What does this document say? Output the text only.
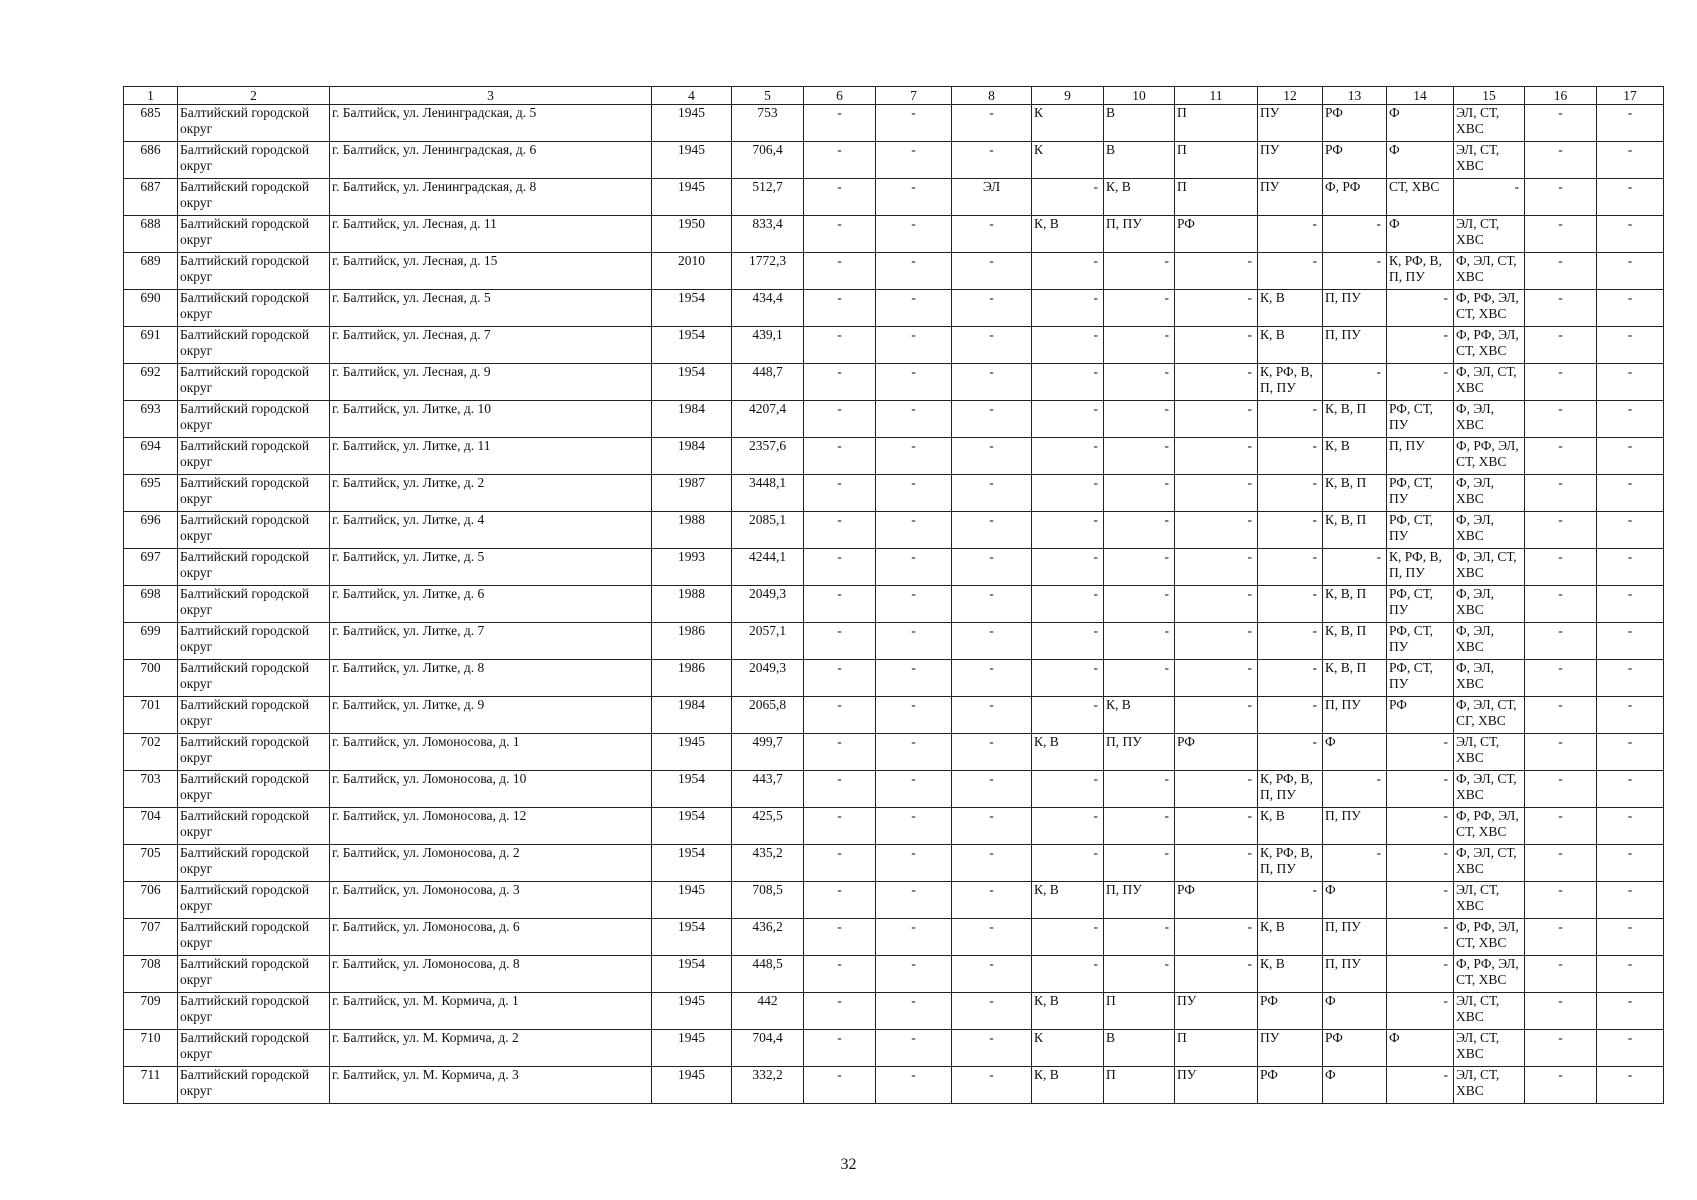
1	2	3	4	5	6	7	8	9	10	11	12	13	14	15	16	17
685	Балтийский городской округ	г. Балтийск, ул. Ленинградская, д. 5	1945	753	-	-	-	К	В	П	ПУ	РФ	Ф	ЭЛ, СТ, ХВС	-	-
686	Балтийский городской округ	г. Балтийск, ул. Ленинградская, д. 6	1945	706,4	-	-	-	К	В	П	ПУ	РФ	Ф	ЭЛ, СТ, ХВС	-	-
687	Балтийский городской округ	г. Балтийск, ул. Ленинградская, д. 8	1945	512,7	-	-	ЭЛ	-	К, В	П	ПУ	Ф, РФ	СТ, ХВС	-	-	-
688	Балтийский городской округ	г. Балтийск, ул. Лесная, д. 11	1950	833,4	-	-	-	К, В	П, ПУ	РФ	-	-	Ф	ЭЛ, СТ, ХВС	-	-
689	Балтийский городской округ	г. Балтийск, ул. Лесная, д. 15	2010	1772,3	-	-	-	-	-	-	-	-	К, РФ, В, П, ПУ	Ф, ЭЛ, СТ, ХВС	-	-
690	Балтийский городской округ	г. Балтийск, ул. Лесная, д. 5	1954	434,4	-	-	-	-	-	-	К, В	П, ПУ	-	Ф, РФ, ЭЛ, СТ, ХВС	-	-
691	Балтийский городской округ	г. Балтийск, ул. Лесная, д. 7	1954	439,1	-	-	-	-	-	-	К, В	П, ПУ	-	Ф, РФ, ЭЛ, СТ, ХВС	-	-
692	Балтийский городской округ	г. Балтийск, ул. Лесная, д. 9	1954	448,7	-	-	-	-	-	-	К, РФ, В, П, ПУ	-	-	Ф, ЭЛ, СТ, ХВС	-	-
693	Балтийский городской округ	г. Балтийск, ул. Литке, д. 10	1984	4207,4	-	-	-	-	-	-	-	К, В, П	РФ, СТ, ПУ	Ф, ЭЛ, ХВС	-	-
694	Балтийский городской округ	г. Балтийск, ул. Литке, д. 11	1984	2357,6	-	-	-	-	-	-	-	К, В	П, ПУ	Ф, РФ, ЭЛ, СТ, ХВС	-	-
695	Балтийский городской округ	г. Балтийск, ул. Литке, д. 2	1987	3448,1	-	-	-	-	-	-	-	К, В, П	РФ, СТ, ПУ	Ф, ЭЛ, ХВС	-	-
696	Балтийский городской округ	г. Балтийск, ул. Литке, д. 4	1988	2085,1	-	-	-	-	-	-	-	К, В, П	РФ, СТ, ПУ	Ф, ЭЛ, ХВС	-	-
697	Балтийский городской округ	г. Балтийск, ул. Литке, д. 5	1993	4244,1	-	-	-	-	-	-	-	-	К, РФ, В, П, ПУ	Ф, ЭЛ, СТ, ХВС	-	-
698	Балтийский городской округ	г. Балтийск, ул. Литке, д. 6	1988	2049,3	-	-	-	-	-	-	-	К, В, П	РФ, СТ, ПУ	Ф, ЭЛ, ХВС	-	-
699	Балтийский городской округ	г. Балтийск, ул. Литке, д. 7	1986	2057,1	-	-	-	-	-	-	-	К, В, П	РФ, СТ, ПУ	Ф, ЭЛ, ХВС	-	-
700	Балтийский городской округ	г. Балтийск, ул. Литке, д. 8	1986	2049,3	-	-	-	-	-	-	-	К, В, П	РФ, СТ, ПУ	Ф, ЭЛ, ХВС	-	-
701	Балтийский городской округ	г. Балтийск, ул. Литке, д. 9	1984	2065,8	-	-	-	-	К, В	-	-	П, ПУ	РФ	Ф, ЭЛ, СТ, СГ, ХВС	-	-
702	Балтийский городской округ	г. Балтийск, ул. Ломоносова, д. 1	1945	499,7	-	-	-	К, В	П, ПУ	РФ	-	Ф	-	ЭЛ, СТ, ХВС	-	-
703	Балтийский городской округ	г. Балтийск, ул. Ломоносова, д. 10	1954	443,7	-	-	-	-	-	-	К, РФ, В, П, ПУ	-	-	Ф, ЭЛ, СТ, ХВС	-	-
704	Балтийский городской округ	г. Балтийск, ул. Ломоносова, д. 12	1954	425,5	-	-	-	-	-	-	К, В	П, ПУ	-	Ф, РФ, ЭЛ, СТ, ХВС	-	-
705	Балтийский городской округ	г. Балтийск, ул. Ломоносова, д. 2	1954	435,2	-	-	-	-	-	-	К, РФ, В, П, ПУ	-	-	Ф, ЭЛ, СТ, ХВС	-	-
706	Балтийский городской округ	г. Балтийск, ул. Ломоносова, д. 3	1945	708,5	-	-	-	К, В	П, ПУ	РФ	-	Ф	-	ЭЛ, СТ, ХВС	-	-
707	Балтийский городской округ	г. Балтийск, ул. Ломоносова, д. 6	1954	436,2	-	-	-	-	-	-	К, В	П, ПУ	-	Ф, РФ, ЭЛ, СТ, ХВС	-	-
708	Балтийский городской округ	г. Балтийск, ул. Ломоносова, д. 8	1954	448,5	-	-	-	-	-	-	К, В	П, ПУ	-	Ф, РФ, ЭЛ, СТ, ХВС	-	-
709	Балтийский городской округ	г. Балтийск, ул. М. Кормича, д. 1	1945	442	-	-	-	К, В	П	ПУ	РФ	Ф	-	ЭЛ, СТ, ХВС	-	-
710	Балтийский городской округ	г. Балтийск, ул. М. Кормича, д. 2	1945	704,4	-	-	-	К	В	П	ПУ	РФ	Ф	ЭЛ, СТ, ХВС	-	-
711	Балтийский городской округ	г. Балтийск, ул. М. Кормича, д. 3	1945	332,2	-	-	-	К, В	П	ПУ	РФ	Ф	-	ЭЛ, СТ, ХВС	-	-
32
